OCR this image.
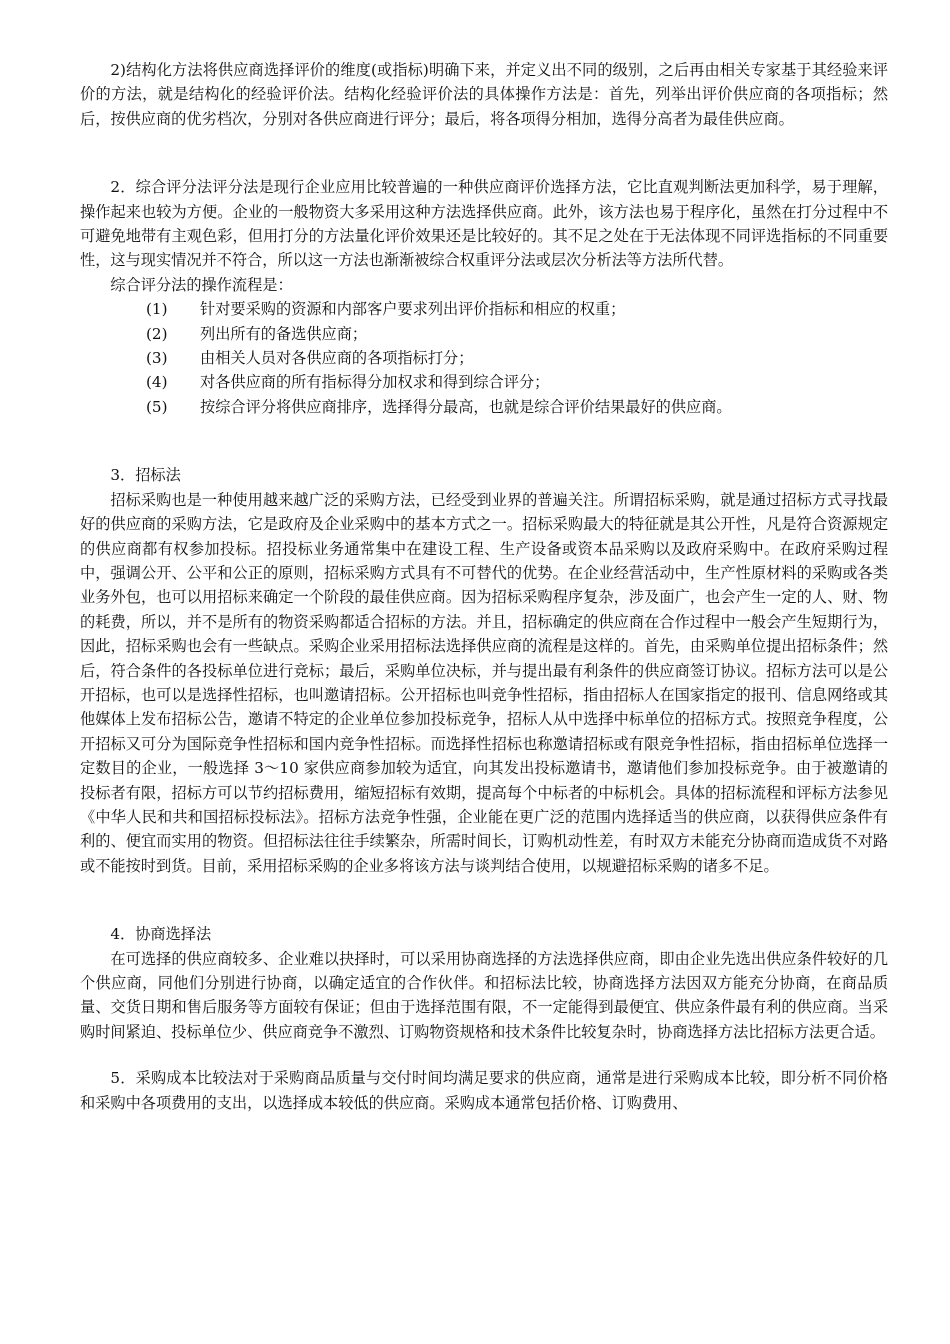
2)结构化方法将供应商选择评价的维度(或指标)明确下来，并定义出不同的级别，之后再由相关专家基于其经验来评价的方法，就是结构化的经验评价法。结构化经验评价法的具体操作方法是：首先，列举出评价供应商的各项指标；然后，按供应商的优劣档次，分别对各供应商进行评分；最后，将各项得分相加，选得分高者为最佳供应商。

2．综合评分法评分法是现行企业应用比较普遍的一种供应商评价选择方法，它比直观判断法更加科学，易于理解，操作起来也较为方便。企业的一般物资大多采用这种方法选择供应商。此外，该方法也易于程序化，虽然在打分过程中不可避免地带有主观色彩，但用打分的方法量化评价效果还是比较好的。其不足之处在于无法体现不同评选指标的不同重要性，这与现实情况并不符合，所以这一方法也渐渐被综合权重评分法或层次分析法等方法所代替。

综合评分法的操作流程是：

(1)	针对要采购的资源和内部客户要求列出评价指标和相应的权重；
(2)	列出所有的备选供应商；
(3)	由相关人员对各供应商的各项指标打分；
(4)	对各供应商的所有指标得分加权求和得到综合评分；
(5)	按综合评分将供应商排序，选择得分最高，也就是综合评价结果最好的供应商。

3．招标法

招标采购也是一种使用越来越广泛的采购方法，已经受到业界的普遍关注。所谓招标采购，就是通过招标方式寻找最好的供应商的采购方法，它是政府及企业采购中的基本方式之一。招标采购最大的特征就是其公开性，凡是符合资源规定的供应商都有权参加投标。招投标业务通常集中在建设工程、生产设备或资本品采购以及政府采购中。在政府采购过程中，强调公开、公平和公正的原则，招标采购方式具有不可替代的优势。在企业经营活动中，生产性原材料的采购或各类业务外包，也可以用招标来确定一个阶段的最佳供应商。因为招标采购程序复杂，涉及面广，也会产生一定的人、财、物的耗费，所以，并不是所有的物资采购都适合招标的方法。并且，招标确定的供应商在合作过程中一般会产生短期行为，因此，招标采购也会有一些缺点。采购企业采用招标法选择供应商的流程是这样的。首先，由采购单位提出招标条件；然后，符合条件的各投标单位进行竞标；最后，采购单位决标，并与提出最有利条件的供应商签订协议。招标方法可以是公开招标，也可以是选择性招标，也叫邀请招标。公开招标也叫竞争性招标，指由招标人在国家指定的报刊、信息网络或其他媒体上发布招标公告，邀请不特定的企业单位参加投标竞争，招标人从中选择中标单位的招标方式。按照竞争程度，公开招标又可分为国际竞争性招标和国内竞争性招标。而选择性招标也称邀请招标或有限竞争性招标，指由招标单位选择一定数目的企业，一般选择 3～10 家供应商参加较为适宜，向其发出投标邀请书，邀请他们参加投标竞争。由于被邀请的投标者有限，招标方可以节约招标费用，缩短招标有效期，提高每个中标者的中标机会。具体的招标流程和评标方法参见《中华人民和共和国招标投标法》。招标方法竞争性强，企业能在更广泛的范围内选择适当的供应商，以获得供应条件有利的、便宜而实用的物资。但招标法往往手续繁杂，所需时间长，订购机动性差，有时双方未能充分协商而造成货不对路或不能按时到货。目前，采用招标采购的企业多将该方法与谈判结合使用，以规避招标采购的诸多不足。

4．协商选择法

在可选择的供应商较多、企业难以抉择时，可以采用协商选择的方法选择供应商，即由企业先选出供应条件较好的几个供应商，同他们分别进行协商，以确定适宜的合作伙伴。和招标法比较，协商选择方法因双方能充分协商，在商品质量、交货日期和售后服务等方面较有保证；但由于选择范围有限，不一定能得到最便宜、供应条件最有利的供应商。当采购时间紧迫、投标单位少、供应商竞争不激烈、订购物资规格和技术条件比较复杂时，协商选择方法比招标方法更合适。

5．采购成本比较法对于采购商品质量与交付时间均满足要求的供应商，通常是进行采购成本比较，即分析不同价格和采购中各项费用的支出，以选择成本较低的供应商。采购成本通常包括价格、订购费用、
